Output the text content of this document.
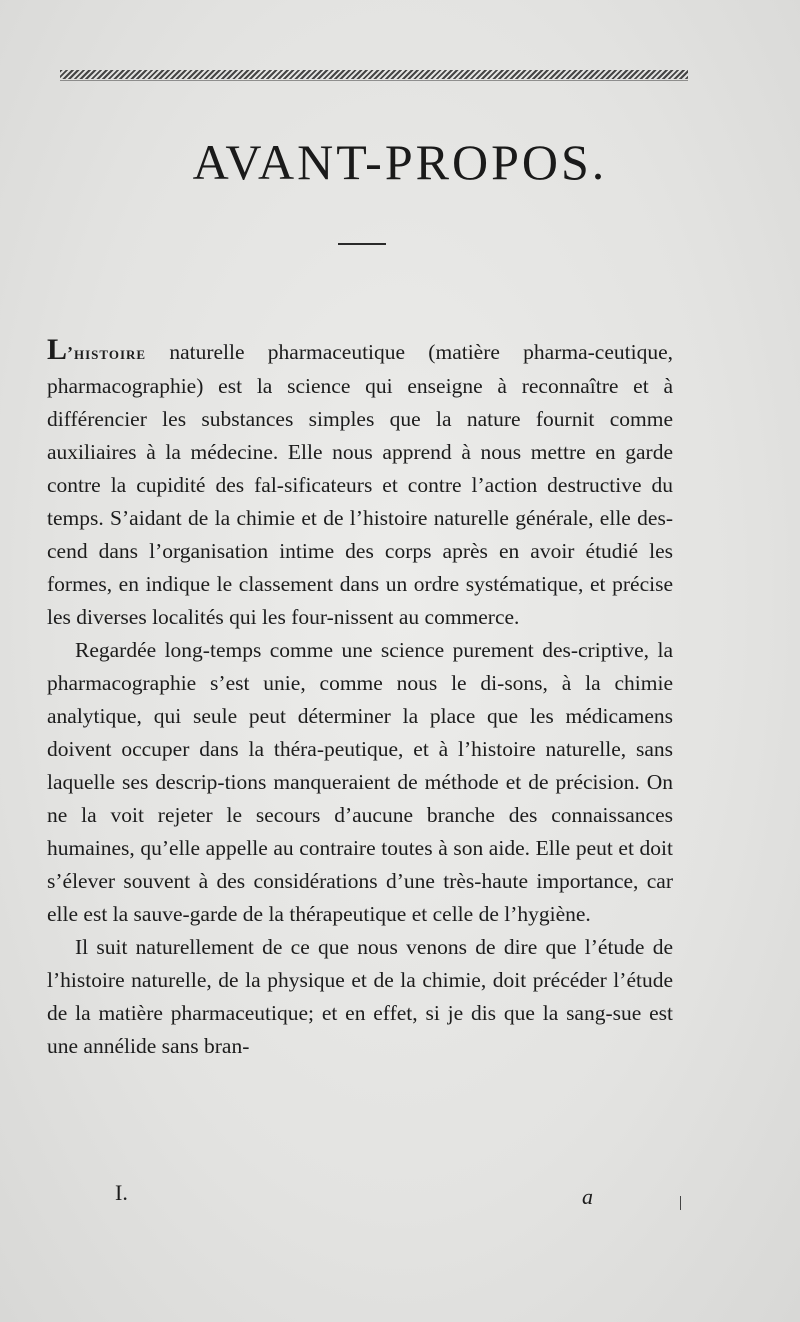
AVANT-PROPOS.

L’histoire naturelle pharmaceutique (matière pharma-ceutique, pharmacographie) est la science qui enseigne à reconnaître et à différencier les substances simples que la nature fournit comme auxiliaires à la médecine. Elle nous apprend à nous mettre en garde contre la cupidité des fal-sificateurs et contre l’action destructive du temps. S’aidant de la chimie et de l’histoire naturelle générale, elle des-cend dans l’organisation intime des corps après en avoir étudié les formes, en indique le classement dans un ordre systématique, et précise les diverses localités qui les four-nissent au commerce.

Regardée long-temps comme une science purement des-criptive, la pharmacographie s’est unie, comme nous le di-sons, à la chimie analytique, qui seule peut déterminer la place que les médicamens doivent occuper dans la théra-peutique, et à l’histoire naturelle, sans laquelle ses descrip-tions manqueraient de méthode et de précision. On ne la voit rejeter le secours d’aucune branche des connaissances humaines, qu’elle appelle au contraire toutes à son aide. Elle peut et doit s’élever souvent à des considérations d’une très-haute importance, car elle est la sauve-garde de la thérapeutique et celle de l’hygiène.

Il suit naturellement de ce que nous venons de dire que l’étude de l’histoire naturelle, de la physique et de la chimie, doit précéder l’étude de la matière pharmaceutique; et en effet, si je dis que la sang-sue est une annélide sans bran-

I.	a
